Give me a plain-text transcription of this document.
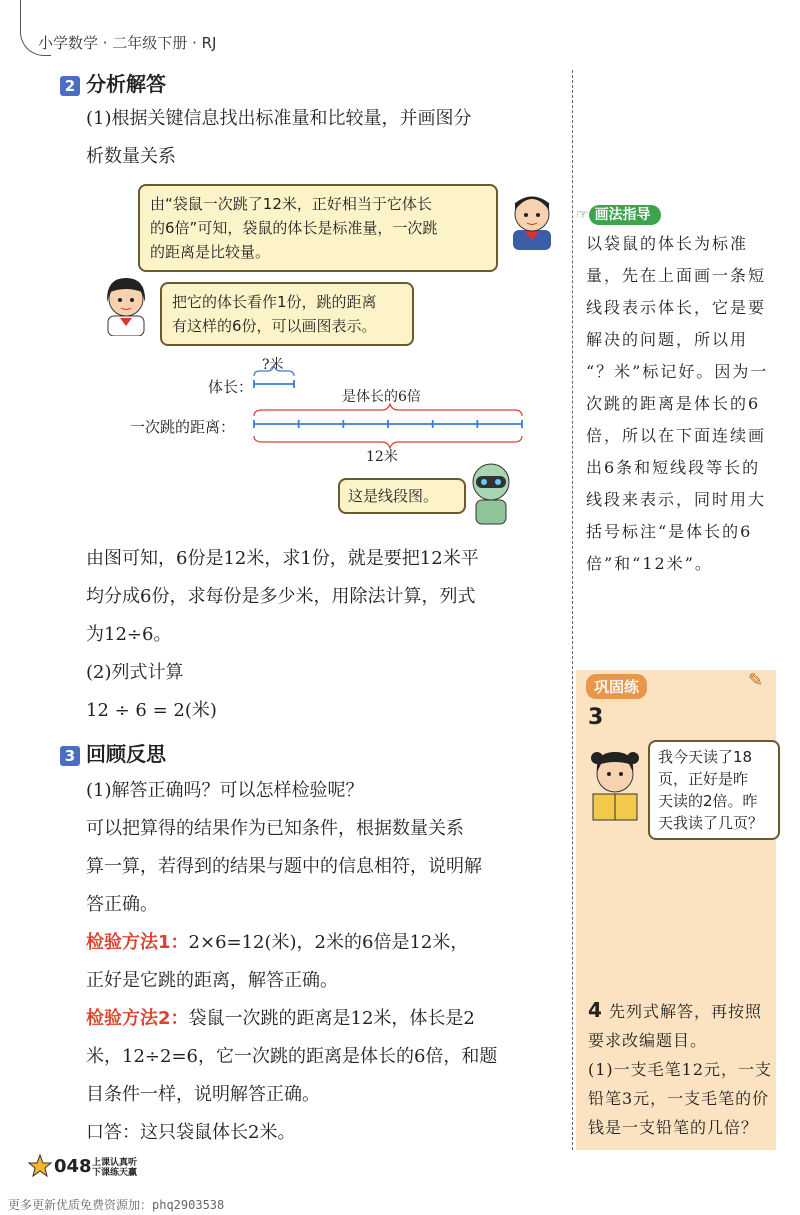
小学数学 · 二年级下册 · RJ
2 分析解答
(1)根据关键信息找出标准量和比较量，并画图分
析数量关系
由“袋鼠一次跳了12米，正好相当于它体长
的6倍”可知，袋鼠的体长是标准量，一次跳
的距离是比较量。
把它的体长看作1份，跳的距离
有这样的6份，可以画图表示。
?米
体长：
是体长的6倍
一次跳的距离：
12米
这是线段图。
由图可知，6份是12米，求1份，就是要把12米平
均分成6份，求每份是多少米，用除法计算，列式
为12÷6。
(2)列式计算
12 ÷ 6 = 2(米)
3 回顾反思
(1)解答正确吗？可以怎样检验呢？
可以把算得的结果作为已知条件，根据数量关系
算一算，若得到的结果与题中的信息相符，说明解
答正确。
检验方法1：2×6=12(米)，2米的6倍是12米，
正好是它跳的距离，解答正确。
检验方法2：袋鼠一次跳的距离是12米，体长是2
米，12÷2=6，它一次跳的距离是体长的6倍，和题
目条件一样，说明解答正确。
口答：这只袋鼠体长2米。
☞ 画法指导
以袋鼠的体长为标准
量，先在上面画一条短
线段表示体长，它是要
解决的问题，所以用
“？米”标记好。因为一
次跳的距离是体长的6
倍，所以在下面连续画
出6条和短线段等长的
线段来表示，同时用大
括号标注“是体长的6
倍”和“12米”。
巩固练	✎
3
我今天读了18
页，正好是昨
天读的2倍。昨
天我读了几页？
4 先列式解答，再按照
要求改编题目。
(1)一支毛笔12元，一支
铅笔3元，一支毛笔的价
钱是一支铅笔的几倍？
048 上课认真听
下课练天赢
更多更新优质免费资源加：phq2903538
